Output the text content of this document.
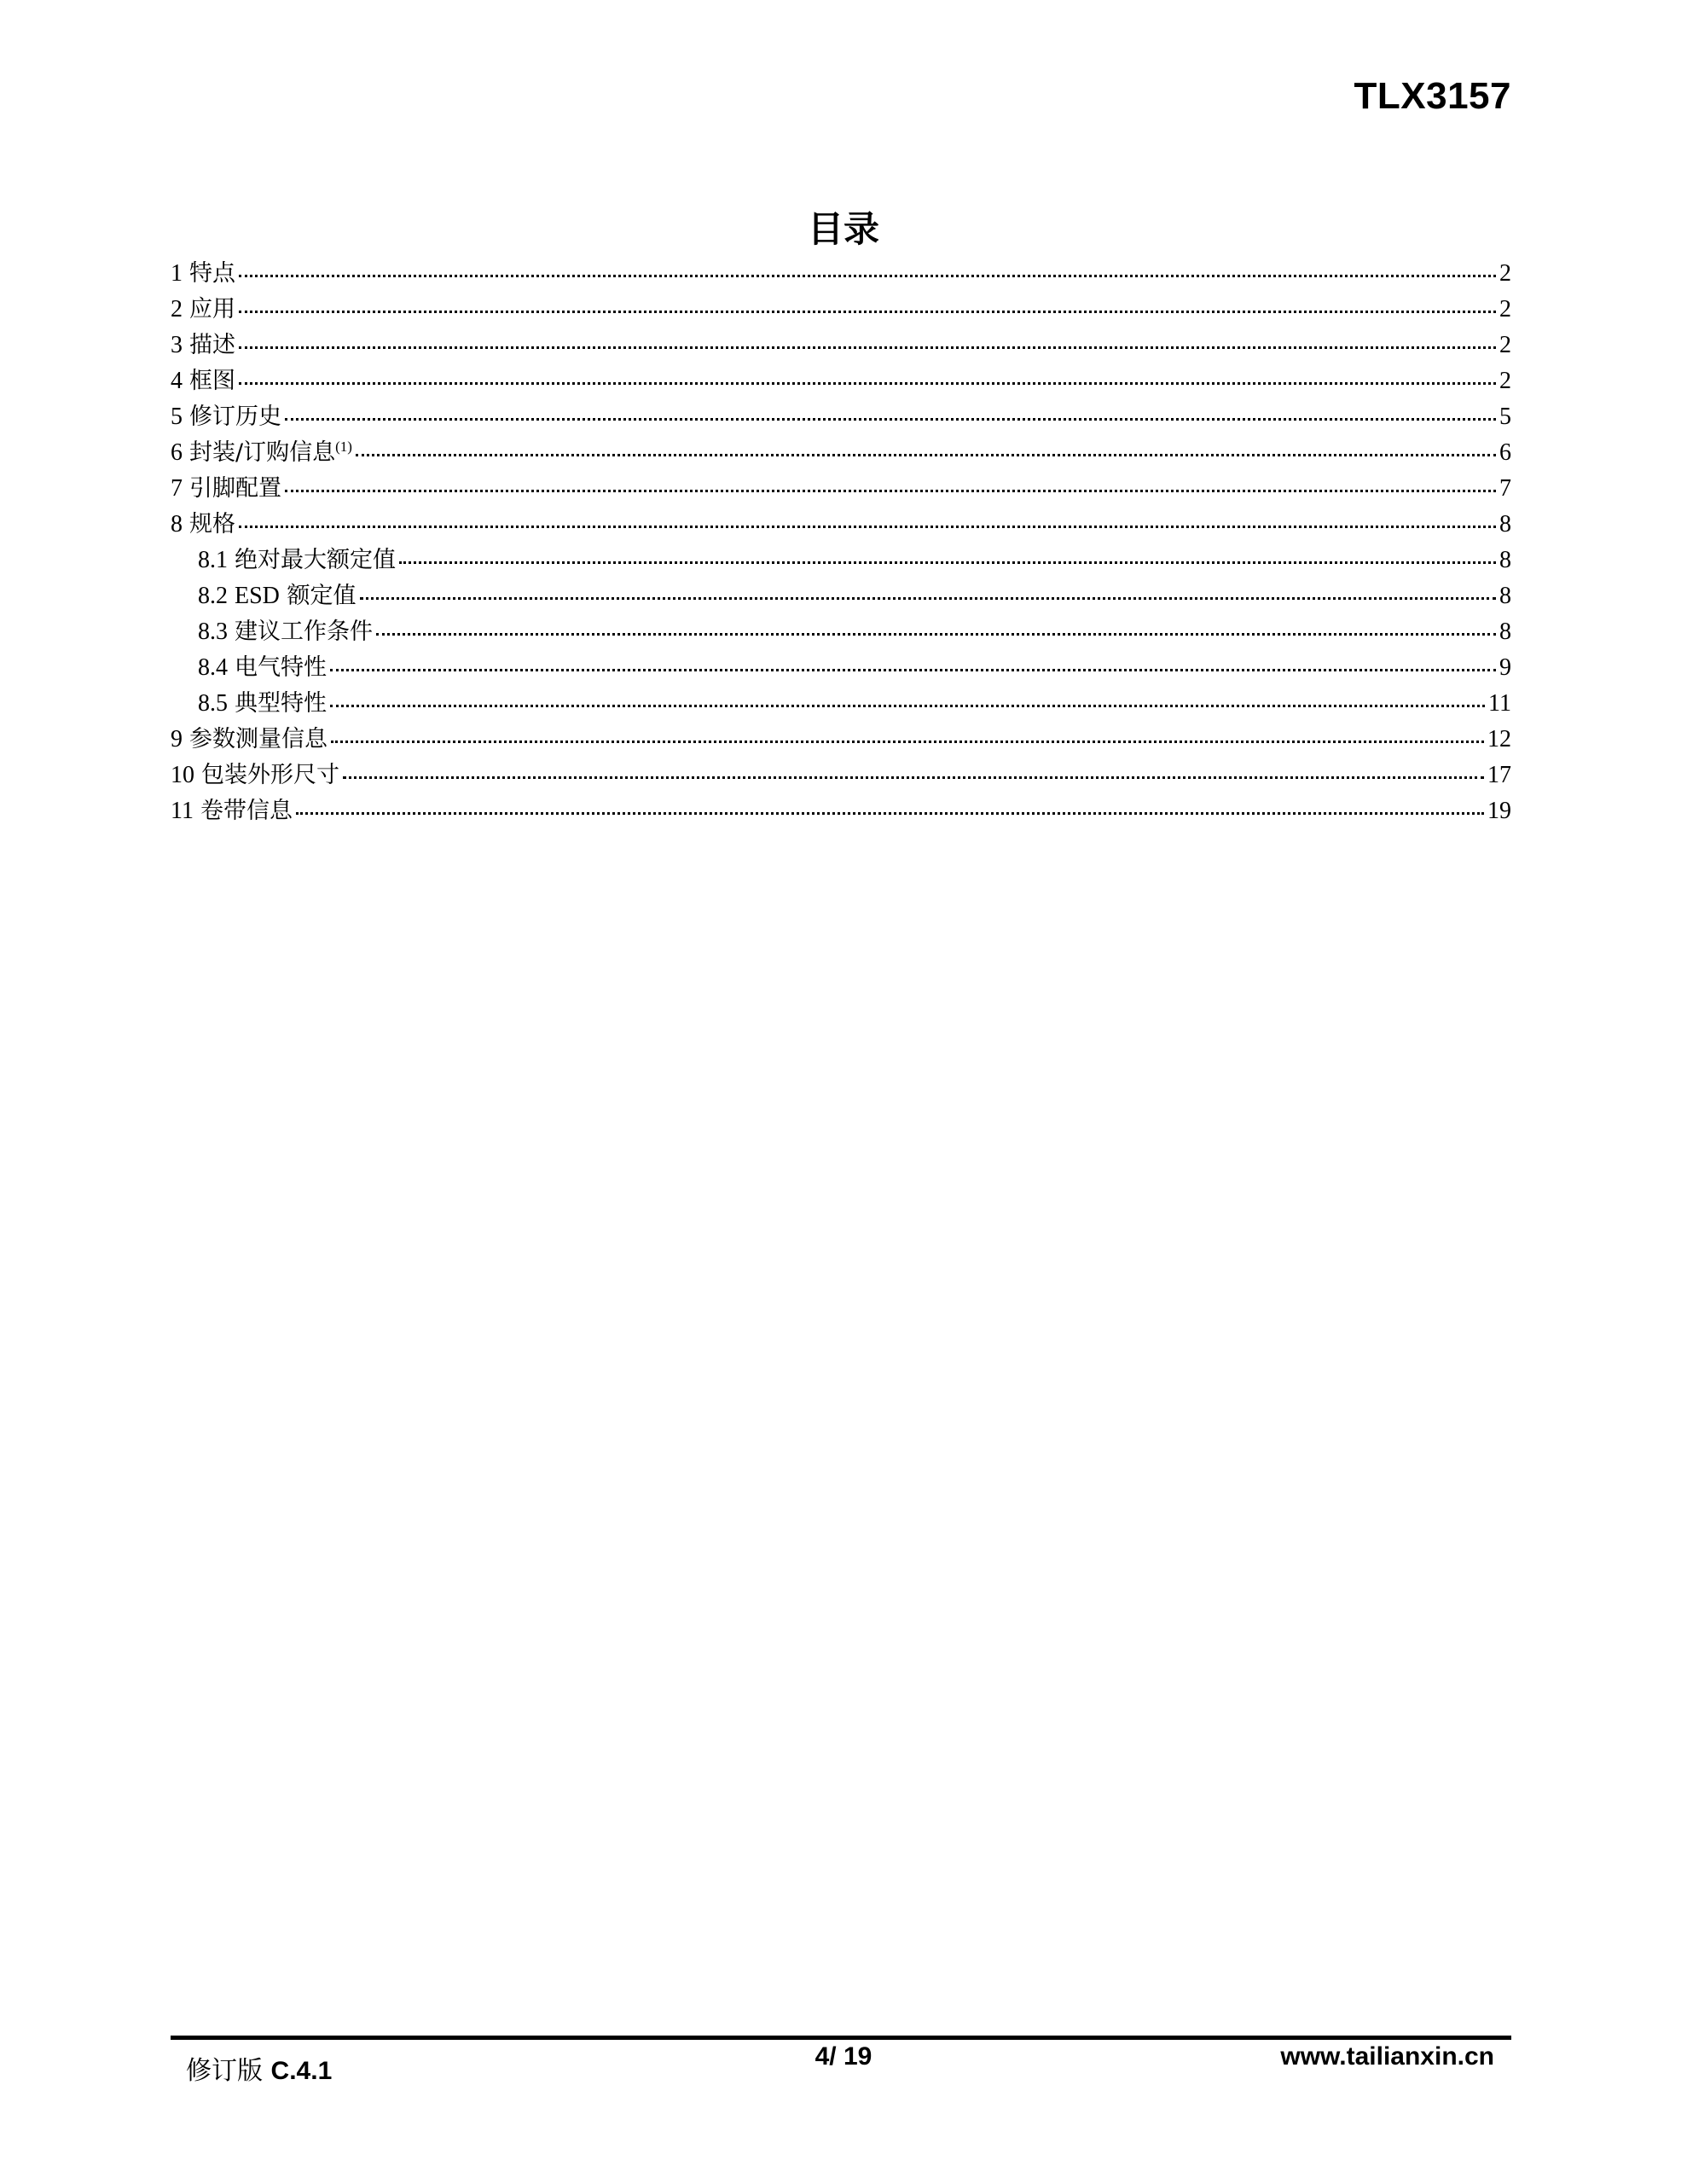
TLX3157
目录
1 特点	2
2 应用	2
3 描述	2
4 框图	2
5 修订历史	5
6 封装/订购信息$^{(1)}$	6
7 引脚配置	7
8 规格	8
8.1 绝对最大额定值	8
8.2 ESD 额定值	8
8.3 建议工作条件	8
8.4 电气特性	9
8.5 典型特性	11
9 参数测量信息	12
10 包装外形尺寸	17
11 卷带信息	19
修订版 C.4.1
4/ 19	www.tailianxin.cn
